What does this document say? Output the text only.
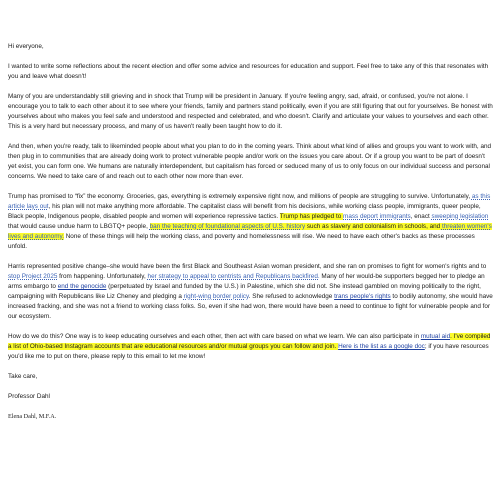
Hi everyone,

I wanted to write some reflections about the recent election and offer some advice and resources for education and support. Feel free to take any of this that resonates with you and leave what doesn't!

Many of you are understandably still grieving and in shock that Trump will be president in January. If you're feeling angry, sad, afraid, or confused, you're not alone. I encourage you to talk to each other about it to see where your friends, family and partners stand politically, even if you are still figuring that out for yourselves. Be honest with yourselves about who makes you feel safe and understood and respected and celebrated, and who doesn't. Clarify and articulate your values to yourselves and each other. This is a very hard but necessary process, and many of us haven't really been taught how to do it.

And then, when you're ready, talk to likeminded people about what you plan to do in the coming years. Think about what kind of allies and groups you want to work with, and then plug in to communities that are already doing work to protect vulnerable people and/or work on the issues you care about. Or if a group you want to be part of doesn't yet exist, you can form one. We humans are naturally interdependent, but capitalism has forced or seduced many of us to only focus on our individual success and personal concerns. We need to take care of and reach out to each other now more than ever.

Trump has promised to “fix” the economy. Groceries, gas, everything is extremely expensive right now, and millions of people are struggling to survive. Unfortunately, as this article lays out, his plan will not make anything more affordable. The capitalist class will benefit from his decisions, while working class people, immigrants, queer people, Black people, Indigenous people, disabled people and women will experience repressive tactics. Trump has pledged to mass deport immigrants, enact sweeping legislation that would cause undue harm to LBGTQ+ people, ban the teaching of foundational aspects of U.S. history such as slavery and colonialism in schools, and threaten women's lives and autonomy. None of these things will help the working class, and poverty and homelessness will rise. We need to have each other's backs as these processes unfold.

Harris represented positive change–she would have been the first Black and Southeast Asian woman president, and she ran on promises to fight for women's rights and to stop Project 2025 from happening. Unfortunately, her strategy to appeal to centrists and Republicans backfired. Many of her would-be supporters begged her to pledge an arms embargo to end the genocide (perpetuated by Israel and funded by the U.S.) in Palestine, which she did not. She instead gambled on moving politically to the right, campaigning with Republicans like Liz Cheney and pledging a right-wing border policy. She refused to acknowledge trans people's rights to bodily autonomy, she would have increased fracking, and she was not a friend to working class folks. So, even if she had won, there would have been a need to continue to fight for vulnerable people and for our ecosystem.

How do we do this? One way is to keep educating ourselves and each other, then act with care based on what we learn. We can also participate in mutual aid. I've compiled a list of Ohio-based Instagram accounts that are educational resources and/or mutual groups you can follow and join. Here is the list as a google doc; if you have resources you'd like me to put on there, please reply to this email to let me know!

Take care,

Professor Dahl

Elena Dahl, M.F.A.
